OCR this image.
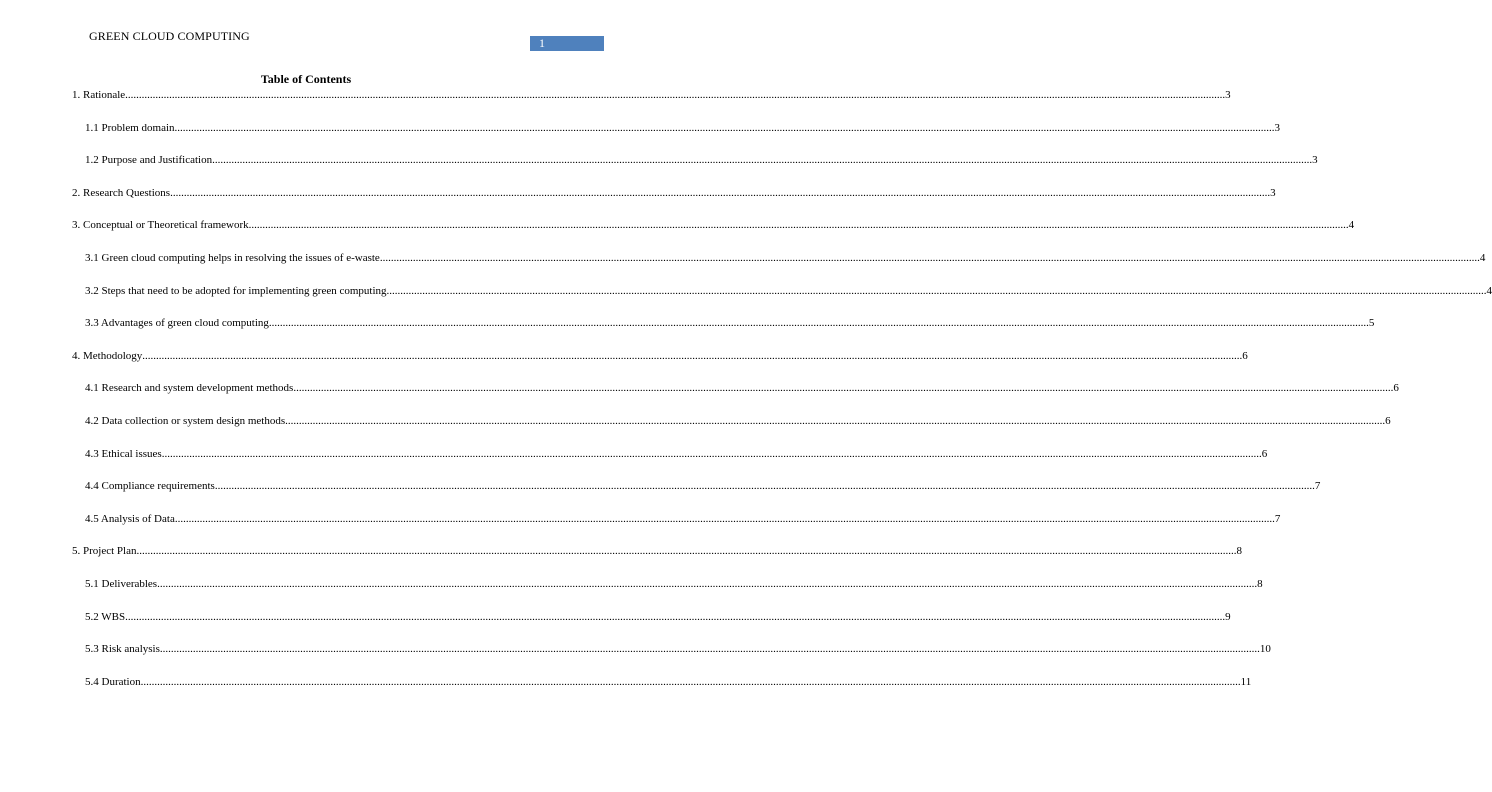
GREEN CLOUD COMPUTING	1
Table of Contents
1. Rationale ................................................................................................................................................................................................................................................................................................................................................................................................................ 3
1.1 Problem domain ................................................................................................................................................................................................................................................................................................................................................................................................................ 3
1.2 Purpose and Justification ................................................................................................................................................................................................................................................................................................................................................................................................................ 3
2. Research Questions ................................................................................................................................................................................................................................................................................................................................................................................................................ 3
3. Conceptual or Theoretical framework ................................................................................................................................................................................................................................................................................................................................................................................................................ 4
3.1 Green cloud computing helps in resolving the issues of e-waste ................................................................................................................................................................................................................................................................................................................................................................................................................ 4
3.2 Steps that need to be adopted for implementing green computing ................................................................................................................................................................................................................................................................................................................................................................................................................ 4
3.3 Advantages of green cloud computing ................................................................................................................................................................................................................................................................................................................................................................................................................ 5
4. Methodology ................................................................................................................................................................................................................................................................................................................................................................................................................ 6
4.1 Research and system development methods ................................................................................................................................................................................................................................................................................................................................................................................................................ 6
4.2 Data collection or system design methods ................................................................................................................................................................................................................................................................................................................................................................................................................ 6
4.3 Ethical issues ................................................................................................................................................................................................................................................................................................................................................................................................................ 6
4.4 Compliance requirements ................................................................................................................................................................................................................................................................................................................................................................................................................ 7
4.5 Analysis of Data ................................................................................................................................................................................................................................................................................................................................................................................................................ 7
5. Project Plan ................................................................................................................................................................................................................................................................................................................................................................................................................ 8
5.1 Deliverables ................................................................................................................................................................................................................................................................................................................................................................................................................ 8
5.2 WBS ................................................................................................................................................................................................................................................................................................................................................................................................................ 9
5.3 Risk analysis ................................................................................................................................................................................................................................................................................................................................................................................................................ 10
5.4 Duration ................................................................................................................................................................................................................................................................................................................................................................................................................ 11
